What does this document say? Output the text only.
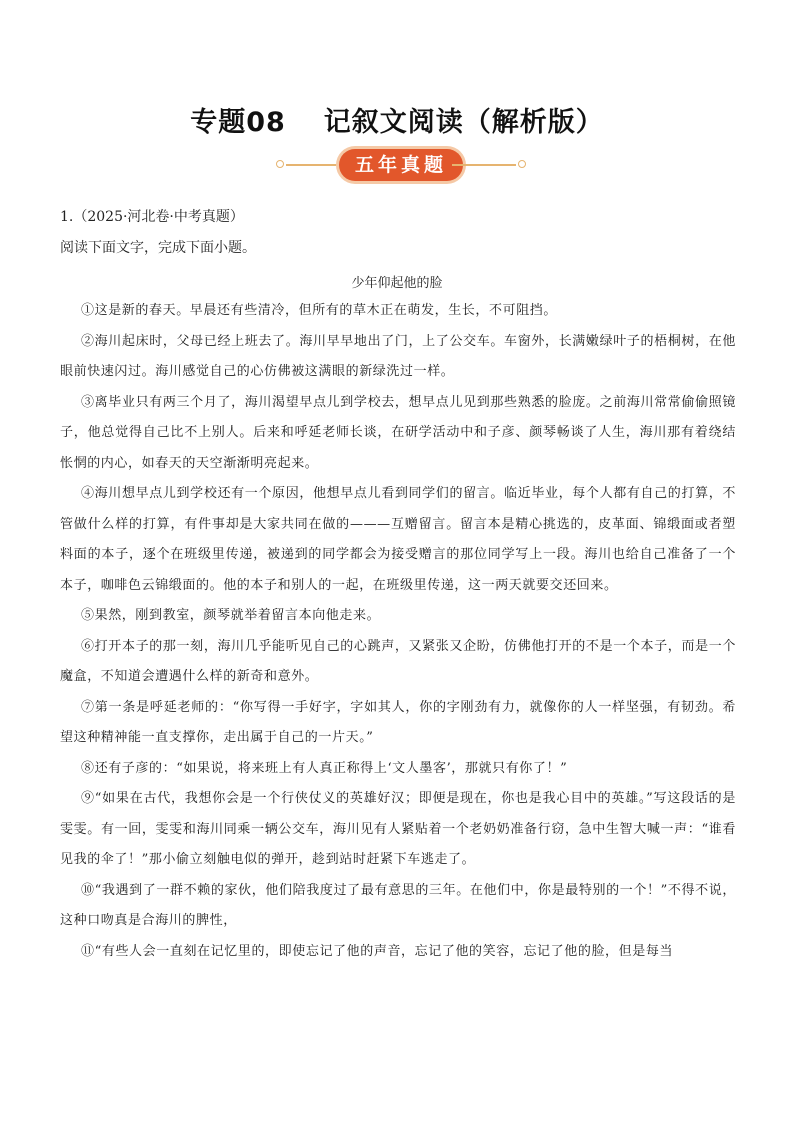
专题08 记叙文阅读（解析版）
五年真题
1.（2025·河北卷·中考真题）
阅读下面文字，完成下面小题。
少年仰起他的脸

①这是新的春天。早晨还有些清冷，但所有的草木正在萌发，生长，不可阻挡。

②海川起床时，父母已经上班去了。海川早早地出了门，上了公交车。车窗外，长满嫩绿叶子的梧桐树，在他眼前快速闪过。海川感觉自己的心仿佛被这满眼的新绿洗过一样。

③离毕业只有两三个月了，海川渴望早点儿到学校去，想早点儿见到那些熟悉的脸庞。之前海川常常偷偷照镜子，他总觉得自己比不上别人。后来和呼延老师长谈，在研学活动中和子彦、颜琴畅谈了人生，海川那有着绕结怅惘的内心，如春天的天空渐渐明亮起来。

④海川想早点儿到学校还有一个原因，他想早点儿看到同学们的留言。临近毕业，每个人都有自己的打算，不管做什么样的打算，有件事却是大家共同在做的———互赠留言。留言本是精心挑选的，皮革面、锦缎面或者塑料面的本子，逐个在班级里传递，被递到的同学都会为接受赠言的那位同学写上一段。海川也给自己准备了一个本子，咖啡色云锦缎面的。他的本子和别人的一起，在班级里传递，这一两天就要交还回来。

⑤果然，刚到教室，颜琴就举着留言本向他走来。

⑥打开本子的那一刻，海川几乎能听见自己的心跳声，又紧张又企盼，仿佛他打开的不是一个本子，而是一个魔盒，不知道会遭遇什么样的新奇和意外。

⑦第一条是呼延老师的：“你写得一手好字，字如其人，你的字刚劲有力，就像你的人一样坚强，有韧劲。希望这种精神能一直支撑你，走出属于自己的一片天。”

⑧还有子彦的：“如果说，将来班上有人真正称得上‘文人墨客’，那就只有你了！”

⑨“如果在古代，我想你会是一个行侠仗义的英雄好汉；即便是现在，你也是我心目中的英雄。”写这段话的是雯雯。有一回，雯雯和海川同乘一辆公交车，海川见有人紧贴着一个老奶奶准备行窃，急中生智大喊一声：“谁看见我的伞了！”那小偷立刻触电似的弹开，趁到站时赶紧下车逃走了。

⑩“我遇到了一群不赖的家伙，他们陪我度过了最有意思的三年。在他们中，你是最特别的一个！”不得不说，这种口吻真是合海川的脾性，

⑪“有些人会一直刻在记忆里的，即使忘记了他的声音，忘记了他的笑容，忘记了他的脸，但是每当
